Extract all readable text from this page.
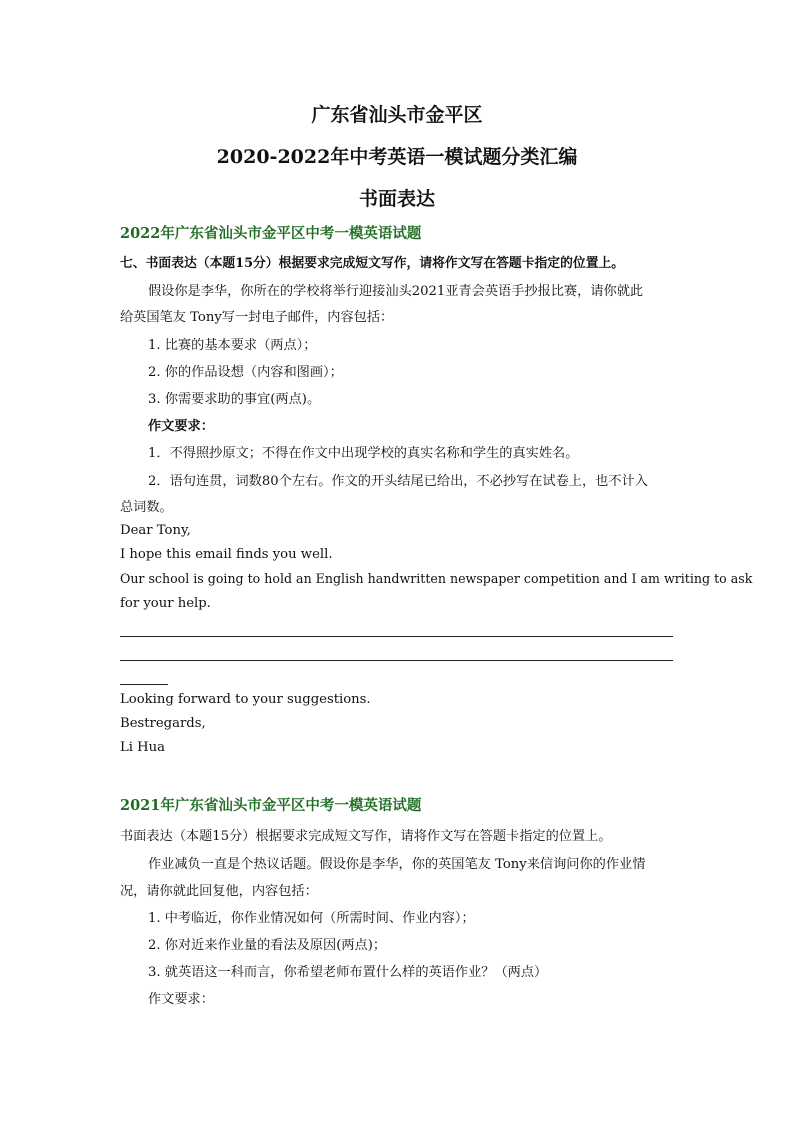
广东省汕头市金平区
2020-2022年中考英语一模试题分类汇编
书面表达
2022年广东省汕头市金平区中考一模英语试题
七、书面表达（本题15分）根据要求完成短文写作，请将作文写在答题卡指定的位置上。
假设你是李华，你所在的学校将举行迎接汕头2021亚青会英语手抄报比赛，请你就此
给英国笔友 Tony写一封电子邮件，内容包括：
1. 比赛的基本要求（两点）；
2. 你的作品设想（内容和图画）；
3. 你需要求助的事宜(两点)。
作文要求：
1．不得照抄原文；不得在作文中出现学校的真实名称和学生的真实姓名。
2．语句连贯，词数80个左右。作文的开头结尾已给出，不必抄写在试卷上，也不计入
总词数。
Dear Tony,
I hope this email finds you well.
Our school is going to hold an English handwritten newspaper competition and I am writing to ask
for your help.
Looking forward to your suggestions.
Bestregards,
Li Hua
2021年广东省汕头市金平区中考一模英语试题
书面表达（本题15分）根据要求完成短文写作，请将作文写在答题卡指定的位置上。
作业减负一直是个热议话题。假设你是李华，你的英国笔友 Tony来信询问你的作业情
况，请你就此回复他，内容包括：
1. 中考临近，你作业情况如何（所需时间、作业内容）；
2. 你对近来作业量的看法及原因(两点)；
3. 就英语这一科而言，你希望老师布置什么样的英语作业？（两点）
作文要求：
